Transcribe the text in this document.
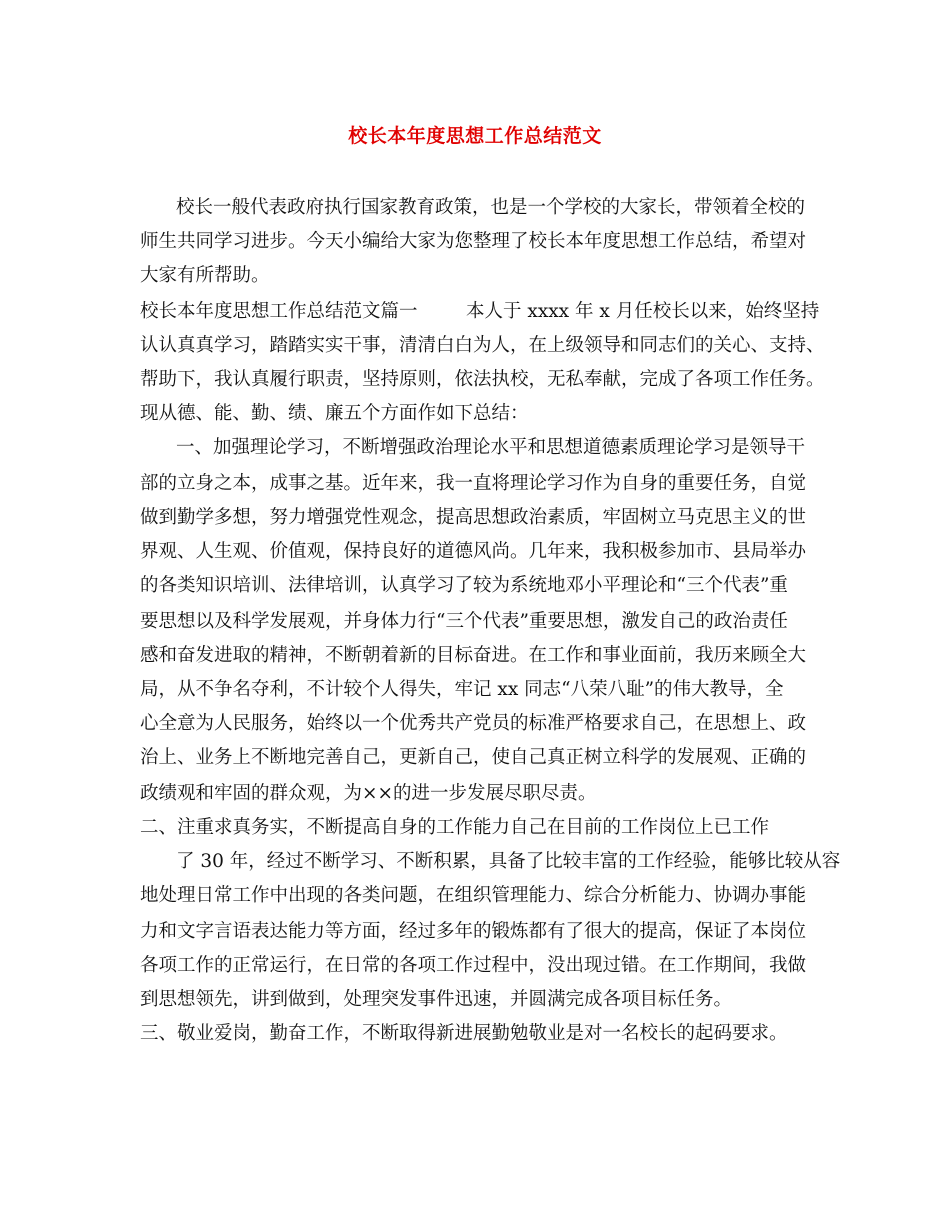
校长本年度思想工作总结范文
校长一般代表政府执行国家教育政策，也是一个学校的大家长，带领着全校的
师生共同学习进步。今天小编给大家为您整理了校长本年度思想工作总结，希望对
大家有所帮助。
校长本年度思想工作总结范文篇一	本人于 xxxx 年 x 月任校长以来，始终坚持
认认真真学习，踏踏实实干事，清清白白为人，在上级领导和同志们的关心、支持、
帮助下，我认真履行职责，坚持原则，依法执校，无私奉献，完成了各项工作任务。
现从德、能、勤、绩、廉五个方面作如下总结：
一、加强理论学习，不断增强政治理论水平和思想道德素质理论学习是领导干
部的立身之本，成事之基。近年来，我一直将理论学习作为自身的重要任务，自觉
做到勤学多想，努力增强党性观念，提高思想政治素质，牢固树立马克思主义的世
界观、人生观、价值观，保持良好的道德风尚。几年来，我积极参加市、县局举办
的各类知识培训、法律培训，认真学习了较为系统地邓小平理论和“三个代表”重
要思想以及科学发展观，并身体力行“三个代表”重要思想，激发自己的政治责任
感和奋发进取的精神，不断朝着新的目标奋进。在工作和事业面前，我历来顾全大
局，从不争名夺利，不计较个人得失，牢记 xx 同志“八荣八耻”的伟大教导，全
心全意为人民服务，始终以一个优秀共产党员的标准严格要求自己，在思想上、政
治上、业务上不断地完善自己，更新自己，使自己真正树立科学的发展观、正确的
政绩观和牢固的群众观，为××的进一步发展尽职尽责。
二、注重求真务实，不断提高自身的工作能力自己在目前的工作岗位上已工作
了 30 年，经过不断学习、不断积累，具备了比较丰富的工作经验，能够比较从容
地处理日常工作中出现的各类问题，在组织管理能力、综合分析能力、协调办事能
力和文字言语表达能力等方面，经过多年的锻炼都有了很大的提高，保证了本岗位
各项工作的正常运行，在日常的各项工作过程中，没出现过错。在工作期间，我做
到思想领先，讲到做到，处理突发事件迅速，并圆满完成各项目标任务。
三、敬业爱岗，勤奋工作，不断取得新进展勤勉敬业是对一名校长的起码要求。
